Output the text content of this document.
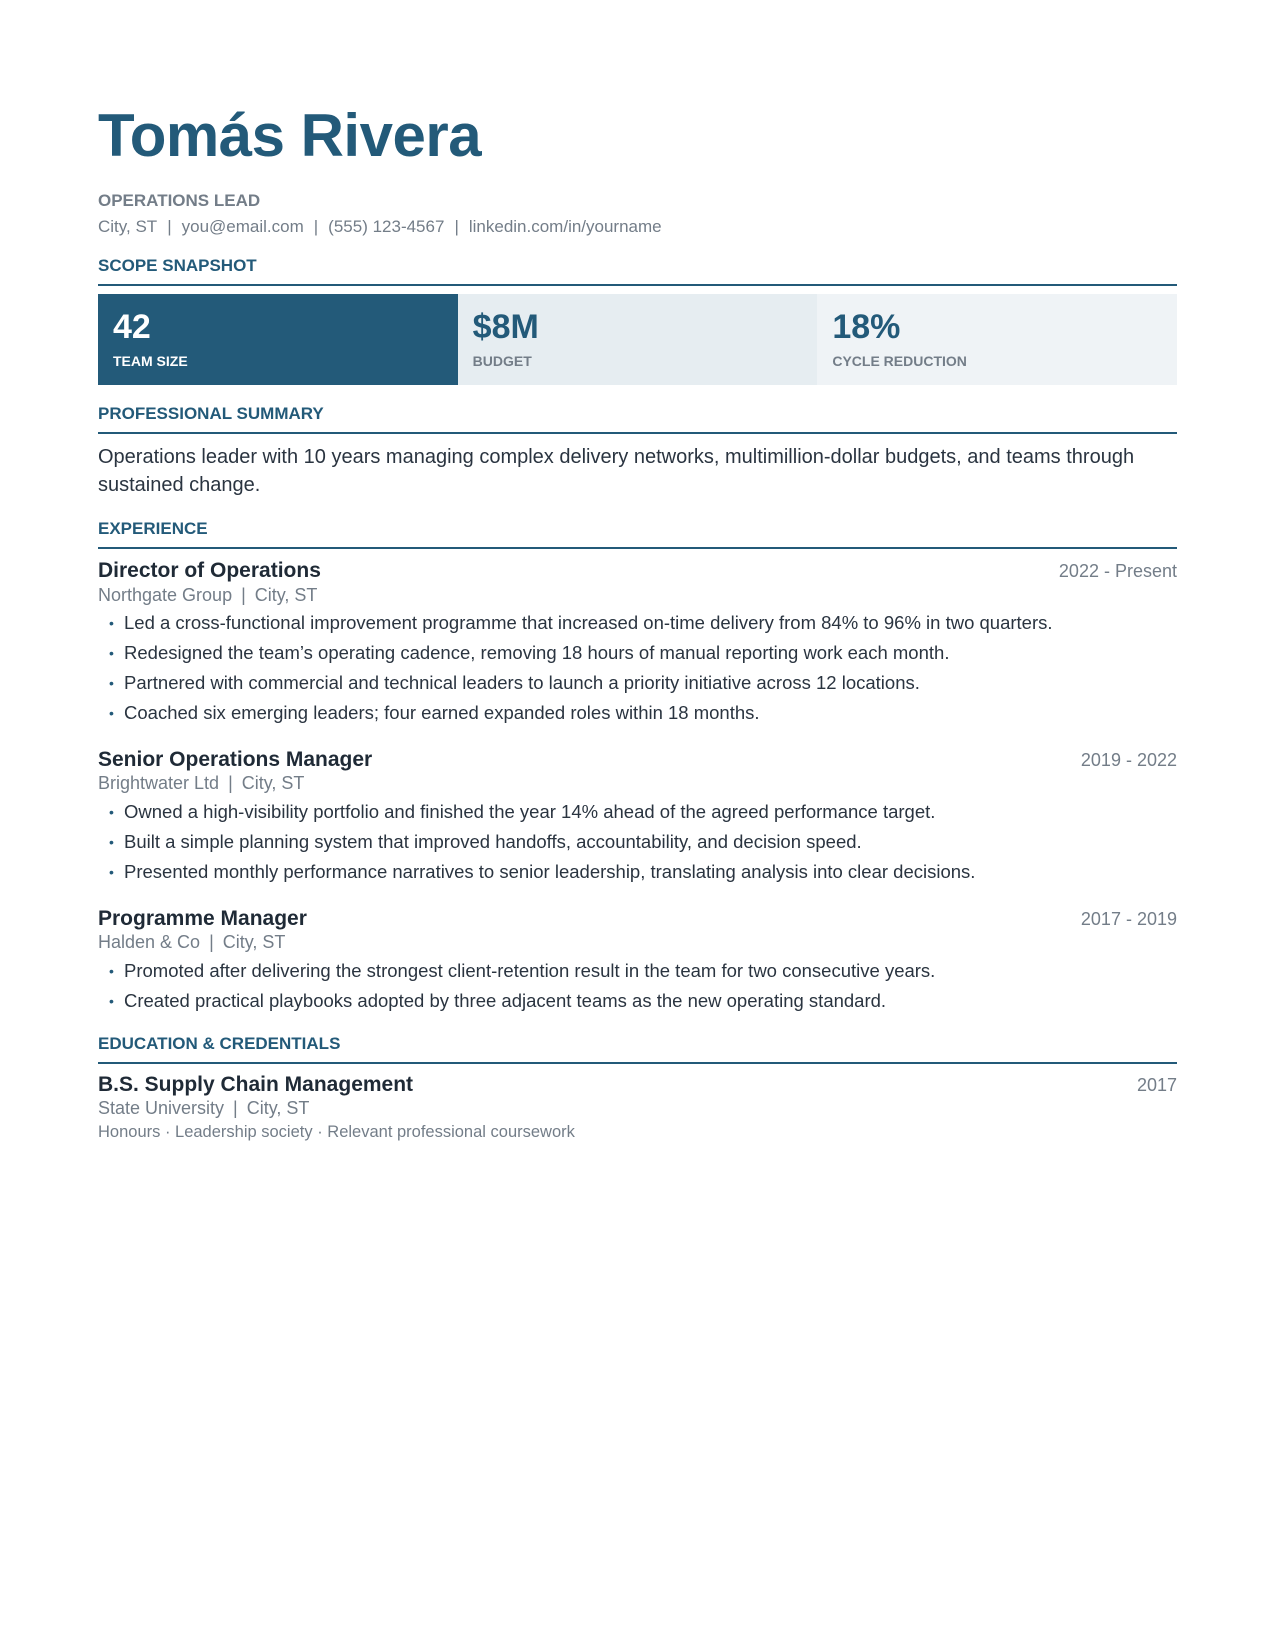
Tomás Rivera
OPERATIONS LEAD
City, ST | you@email.com | (555) 123-4567 | linkedin.com/in/yourname
SCOPE SNAPSHOT
42
TEAM SIZE
$8M
BUDGET
18%
CYCLE REDUCTION
PROFESSIONAL SUMMARY
Operations leader with 10 years managing complex delivery networks, multimillion-dollar budgets, and teams through sustained change.
EXPERIENCE
Director of Operations	2022 - Present
Northgate Group | City, ST
• Led a cross-functional improvement programme that increased on-time delivery from 84% to 96% in two quarters.
• Redesigned the team’s operating cadence, removing 18 hours of manual reporting work each month.
• Partnered with commercial and technical leaders to launch a priority initiative across 12 locations.
• Coached six emerging leaders; four earned expanded roles within 18 months.
Senior Operations Manager	2019 - 2022
Brightwater Ltd | City, ST
• Owned a high-visibility portfolio and finished the year 14% ahead of the agreed performance target.
• Built a simple planning system that improved handoffs, accountability, and decision speed.
• Presented monthly performance narratives to senior leadership, translating analysis into clear decisions.
Programme Manager	2017 - 2019
Halden & Co | City, ST
• Promoted after delivering the strongest client-retention result in the team for two consecutive years.
• Created practical playbooks adopted by three adjacent teams as the new operating standard.
EDUCATION & CREDENTIALS
B.S. Supply Chain Management	2017
State University | City, ST
Honours · Leadership society · Relevant professional coursework
